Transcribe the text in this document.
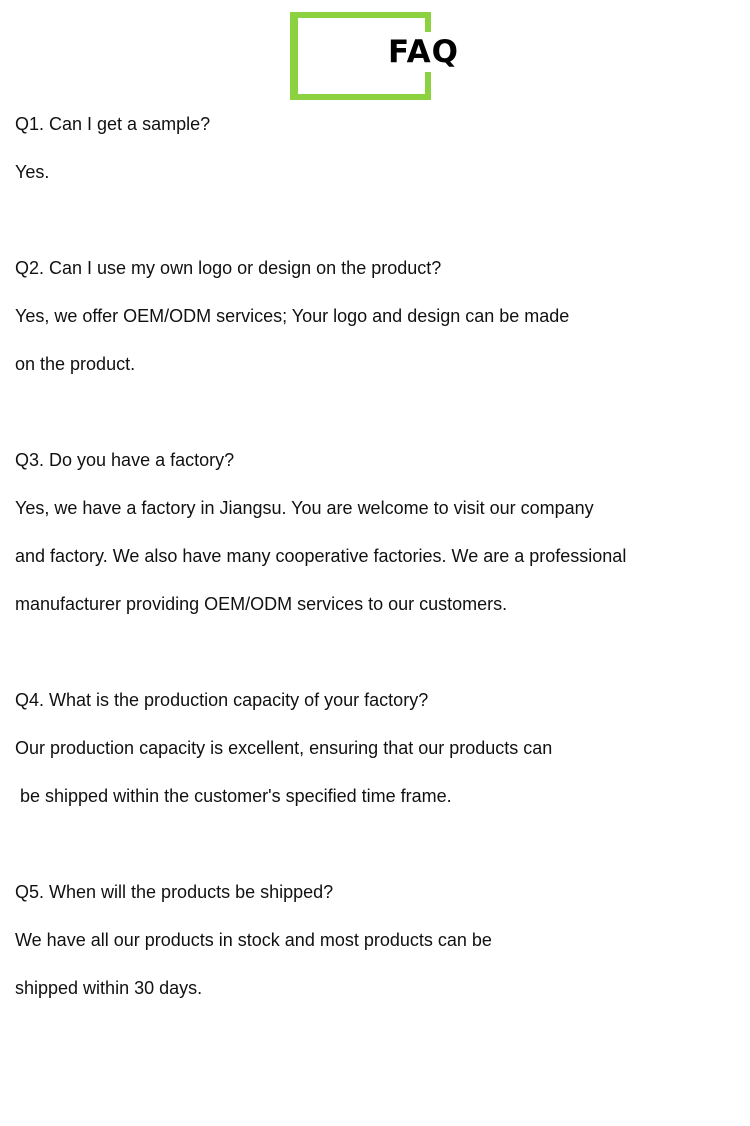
FAQ
Q1. Can I get a sample?
Yes.
Q2. Can I use my own logo or design on the product?
Yes, we offer OEM/ODM services; Your logo and design can be made
on the product.
Q3. Do you have a factory?
Yes, we have a factory in Jiangsu. You are welcome to visit our company
and factory. We also have many cooperative factories. We are a professional
manufacturer providing OEM/ODM services to our customers.
Q4. What is the production capacity of your factory?
Our production capacity is excellent, ensuring that our products can
be shipped within the customer's specified time frame.
Q5. When will the products be shipped?
We have all our products in stock and most products can be
shipped within 30 days.
